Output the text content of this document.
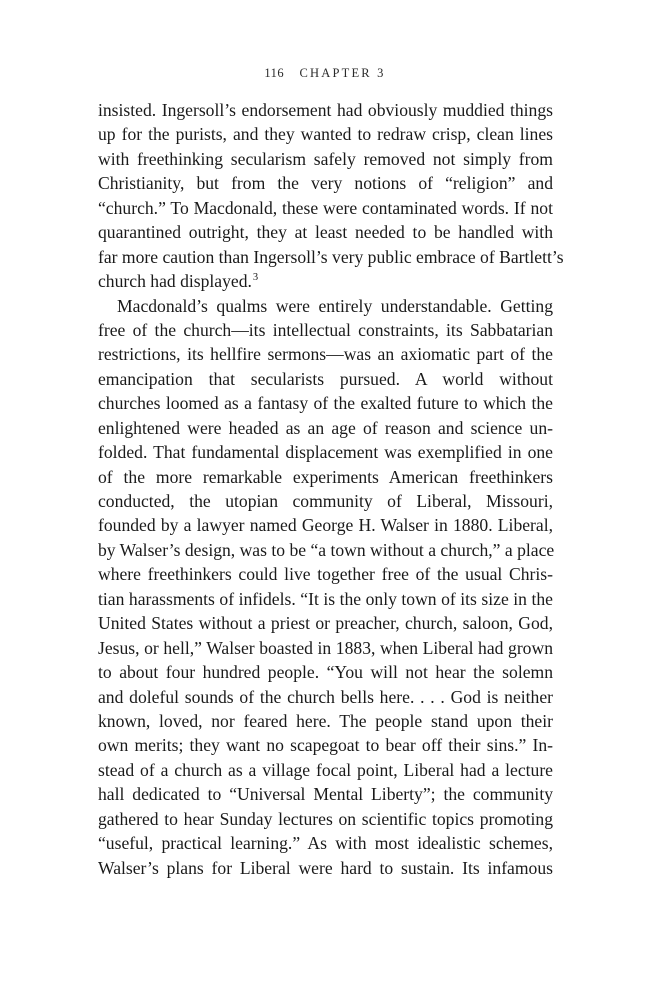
116 CHAPTER 3
insisted. Ingersoll’s endorsement had obviously muddied things
up for the purists, and they wanted to redraw crisp, clean lines
with freethinking secularism safely removed not simply from
Christianity, but from the very notions of “religion” and
“church.” To Macdonald, these were contaminated words. If not
quarantined outright, they at least needed to be handled with
far more caution than Ingersoll’s very public embrace of Bartlett’s
church had displayed.$^3$
Macdonald’s qualms were entirely understandable. Getting
free of the church—its intellectual constraints, its Sabbatarian
restrictions, its hellfire sermons—was an axiomatic part of the
emancipation that secularists pursued. A world without
churches loomed as a fantasy of the exalted future to which the
enlightened were headed as an age of reason and science un-
folded. That fundamental displacement was exemplified in one
of the more remarkable experiments American freethinkers
conducted, the utopian community of Liberal, Missouri,
founded by a lawyer named George H. Walser in 1880. Liberal,
by Walser’s design, was to be “a town without a church,” a place
where freethinkers could live together free of the usual Chris-
tian harassments of infidels. “It is the only town of its size in the
United States without a priest or preacher, church, saloon, God,
Jesus, or hell,” Walser boasted in 1883, when Liberal had grown
to about four hundred people. “You will not hear the solemn
and doleful sounds of the church bells here. . . . God is neither
known, loved, nor feared here. The people stand upon their
own merits; they want no scapegoat to bear off their sins.” In-
stead of a church as a village focal point, Liberal had a lecture
hall dedicated to “Universal Mental Liberty”; the community
gathered to hear Sunday lectures on scientific topics promoting
“useful, practical learning.” As with most idealistic schemes,
Walser’s plans for Liberal were hard to sustain. Its infamous
